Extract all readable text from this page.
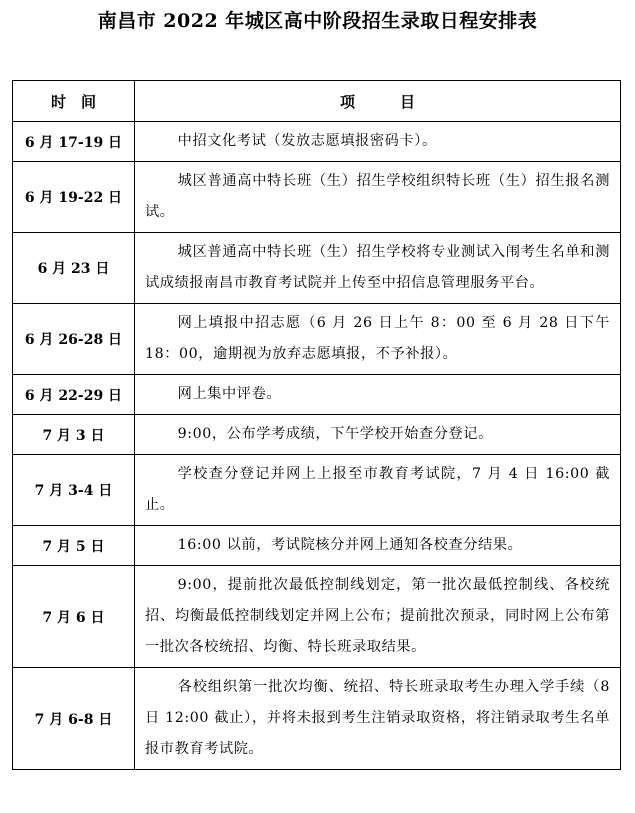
南昌市 2022 年城区高中阶段招生录取日程安排表
时　间	项　　　目
6 月 17-19 日	中招文化考试（发放志愿填报密码卡）。
6 月 19-22 日	城区普通高中特长班（生）招生学校组织特长班（生）招生报名测试。
6 月 23 日	城区普通高中特长班（生）招生学校将专业测试入闱考生名单和测试成绩报南昌市教育考试院并上传至中招信息管理服务平台。
6 月 26-28 日	网上填报中招志愿（6 月 26 日上午 8：00 至 6 月 28 日下午 18：00，逾期视为放弃志愿填报，不予补报）。
6 月 22-29 日	网上集中评卷。
7 月 3 日	9:00，公布学考成绩，下午学校开始查分登记。
7 月 3-4 日	学校查分登记并网上上报至市教育考试院，7 月 4 日 16:00 截止。
7 月 5 日	16:00 以前，考试院核分并网上通知各校查分结果。
7 月 6 日	9:00，提前批次最低控制线划定，第一批次最低控制线、各校统招、均衡最低控制线划定并网上公布；提前批次预录，同时网上公布第一批次各校统招、均衡、特长班录取结果。
7 月 6-8 日	各校组织第一批次均衡、统招、特长班录取考生办理入学手续（8 日 12:00 截止），并将未报到考生注销录取资格，将注销录取考生名单报市教育考试院。
